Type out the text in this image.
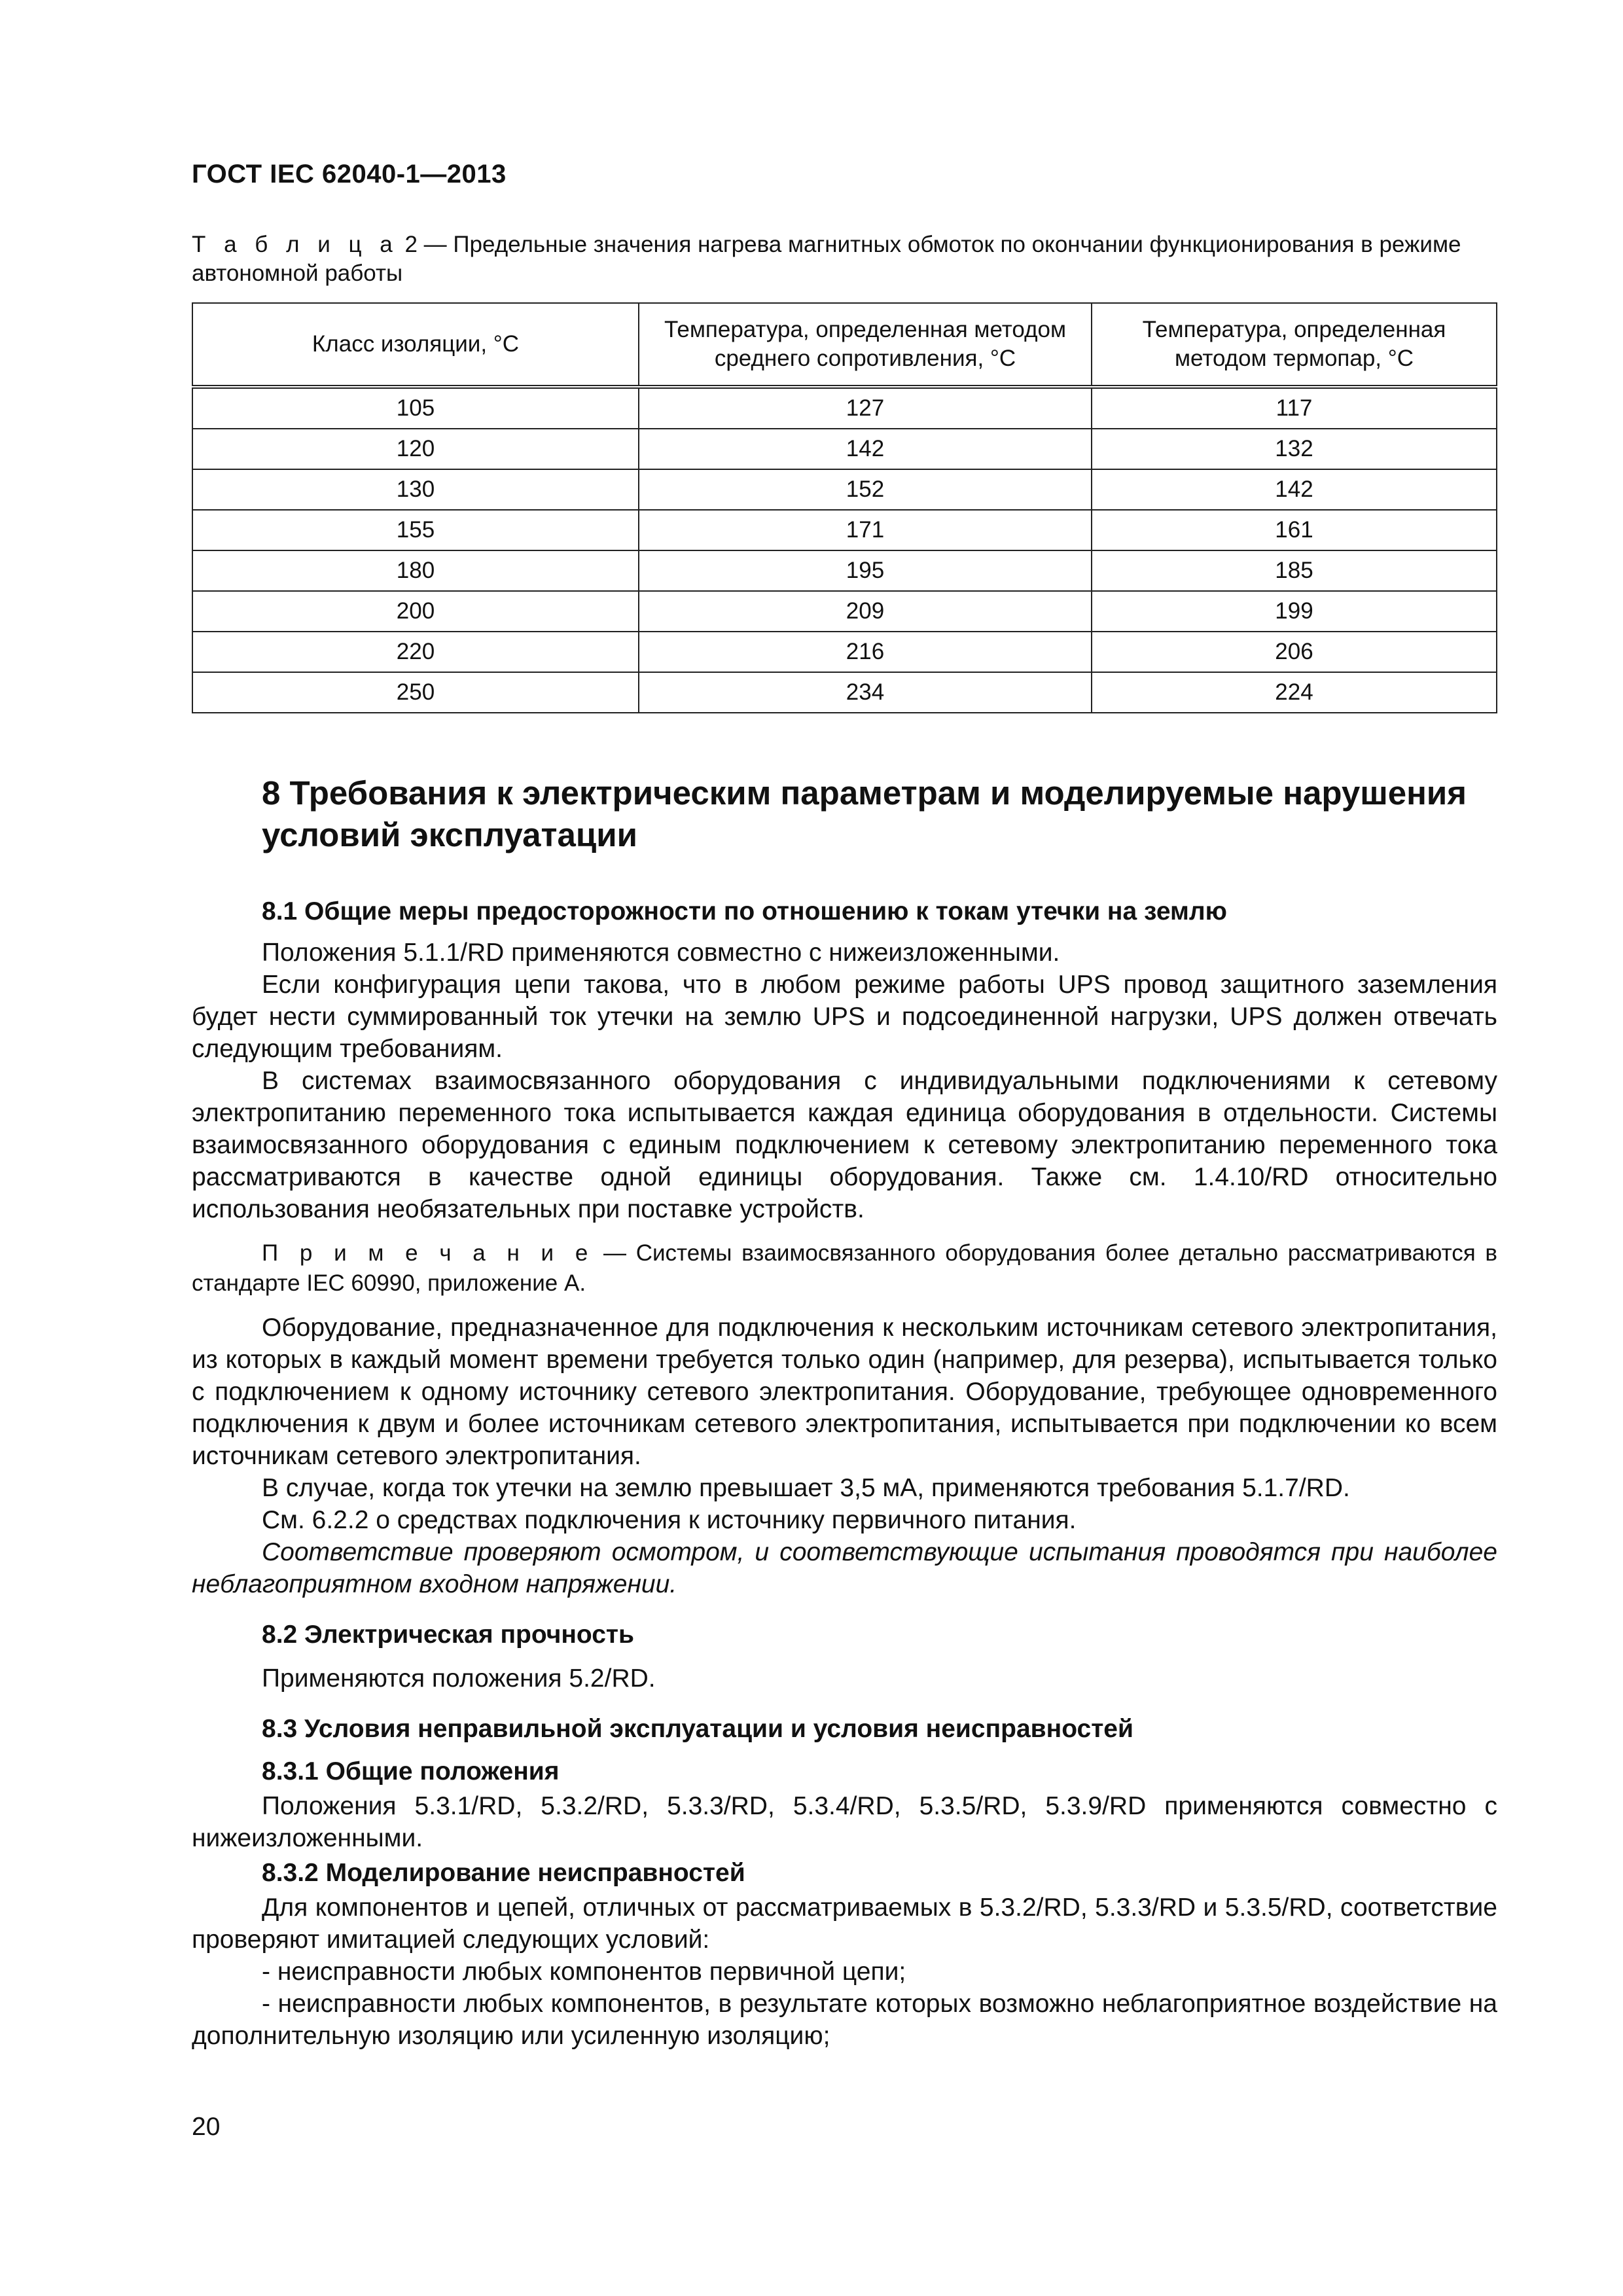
ГОСТ IEC 62040-1—2013
Т а б л и ц а 2 — Предельные значения нагрева магнитных обмоток по окончании функционирования в режиме автономной работы
Класс изоляции, °С	Температура, определенная методом среднего сопротивления, °С	Температура, определенная методом термопар, °С
105	127	117
120	142	132
130	152	142
155	171	161
180	195	185
200	209	199
220	216	206
250	234	224
8 Требования к электрическим параметрам и моделируемые нарушения условий эксплуатации
8.1 Общие меры предосторожности по отношению к токам утечки на землю

Положения 5.1.1/RD применяются совместно с нижеизложенными.

Если конфигурация цепи такова, что в любом режиме работы UPS провод защитного заземления будет нести суммированный ток утечки на землю UPS и подсоединенной нагрузки, UPS должен отвечать следующим требованиям.

В системах взаимосвязанного оборудования с индивидуальными подключениями к сетевому электропитанию переменного тока испытывается каждая единица оборудования в отдельности. Системы взаимосвязанного оборудования с единым подключением к сетевому электропитанию переменного тока рассматриваются в качестве одной единицы оборудования. Также см. 1.4.10/RD относительно использования необязательных при поставке устройств.

П р и м е ч а н и е — Системы взаимосвязанного оборудования более детально рассматриваются в стандарте IEC 60990, приложение А.

Оборудование, предназначенное для подключения к нескольким источникам сетевого электропитания, из которых в каждый момент времени требуется только один (например, для резерва), испытывается только с подключением к одному источнику сетевого электропитания. Оборудование, требующее одновременного подключения к двум и более источникам сетевого электропитания, испытывается при подключении ко всем источникам сетевого электропитания.

В случае, когда ток утечки на землю превышает 3,5 мА, применяются требования 5.1.7/RD.

См. 6.2.2 о средствах подключения к источнику первичного питания.

Соответствие проверяют осмотром, и соответствующие испытания проводятся при наиболее неблагоприятном входном напряжении.

8.2 Электрическая прочность

Применяются положения 5.2/RD.

8.3 Условия неправильной эксплуатации и условия неисправностей
8.3.1 Общие положения

Положения 5.3.1/RD, 5.3.2/RD, 5.3.3/RD, 5.3.4/RD, 5.3.5/RD, 5.3.9/RD применяются совместно с нижеизложенными.

8.3.2 Моделирование неисправностей

Для компонентов и цепей, отличных от рассматриваемых в 5.3.2/RD, 5.3.3/RD и 5.3.5/RD, соответствие проверяют имитацией следующих условий:

- неисправности любых компонентов первичной цепи;

- неисправности любых компонентов, в результате которых возможно неблагоприятное воздействие на дополнительную изоляцию или усиленную изоляцию;

20
